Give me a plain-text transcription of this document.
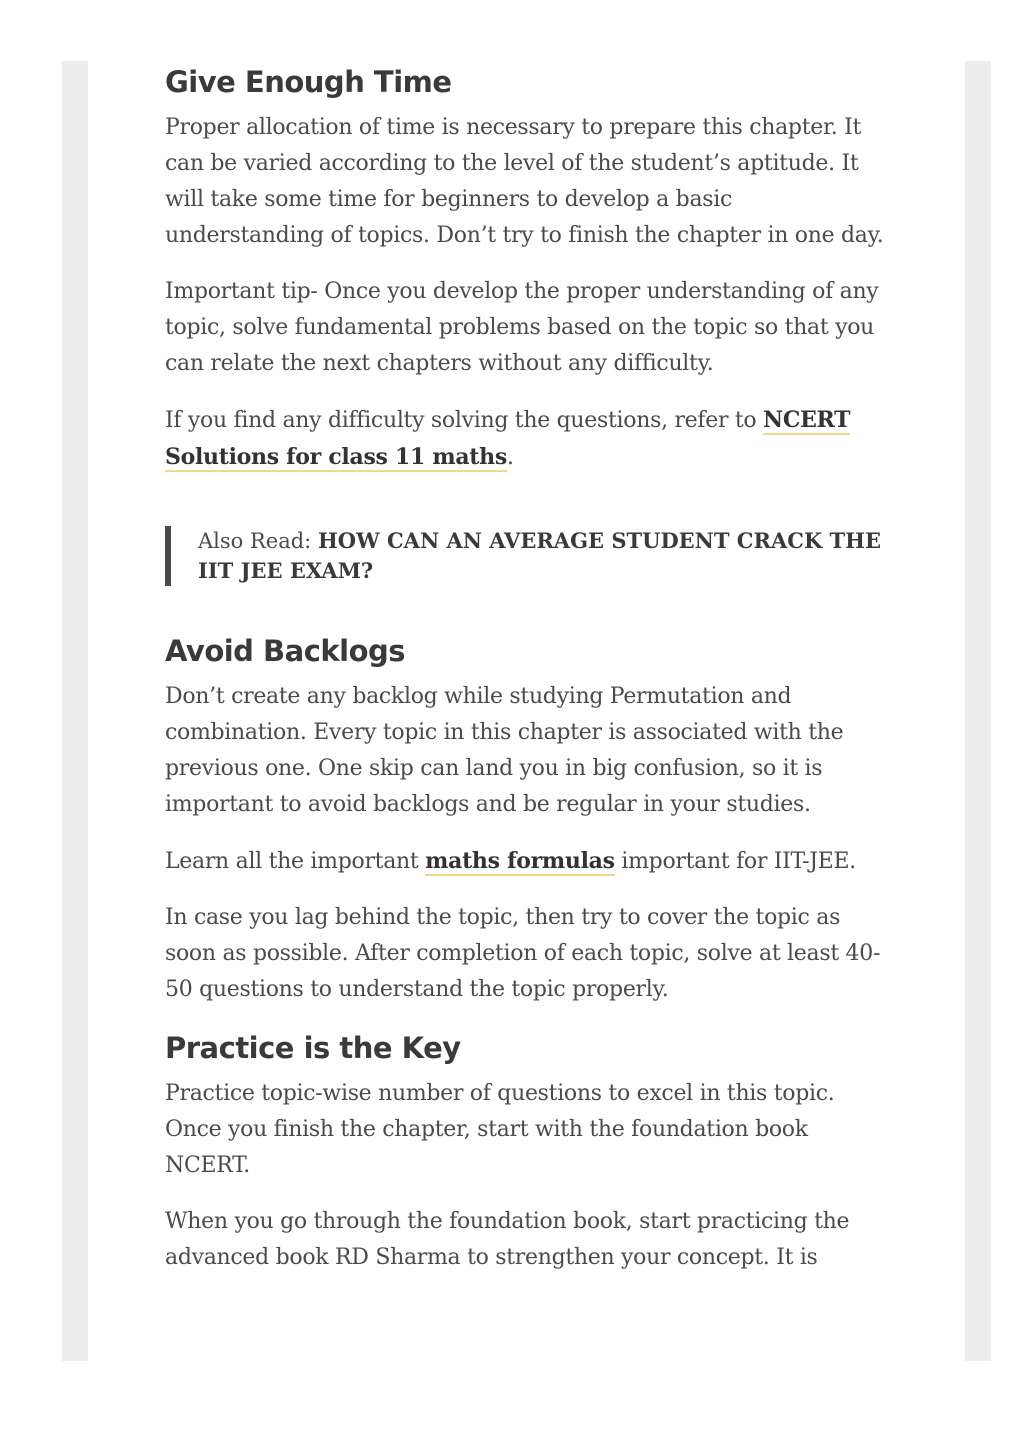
Give Enough Time

Proper allocation of time is necessary to prepare this chapter. It can be varied according to the level of the student’s aptitude. It will take some time for beginners to develop a basic understanding of topics. Don’t try to finish the chapter in one day.

Important tip- Once you develop the proper understanding of any topic, solve fundamental problems based on the topic so that you can relate the next chapters without any difficulty.

If you find any difficulty solving the questions, refer to NCERT Solutions for class 11 maths.

Also Read: HOW CAN AN AVERAGE STUDENT CRACK THE IIT JEE EXAM?
Avoid Backlogs

Don’t create any backlog while studying Permutation and combination. Every topic in this chapter is associated with the previous one. One skip can land you in big confusion, so it is important to avoid backlogs and be regular in your studies.

Learn all the important maths formulas important for IIT-JEE.

In case you lag behind the topic, then try to cover the topic as soon as possible. After completion of each topic, solve at least 40-50 questions to understand the topic properly.

Practice is the Key

Practice topic-wise number of questions to excel in this topic. Once you finish the chapter, start with the foundation book NCERT.

When you go through the foundation book, start practicing the advanced book RD Sharma to strengthen your concept. It is
